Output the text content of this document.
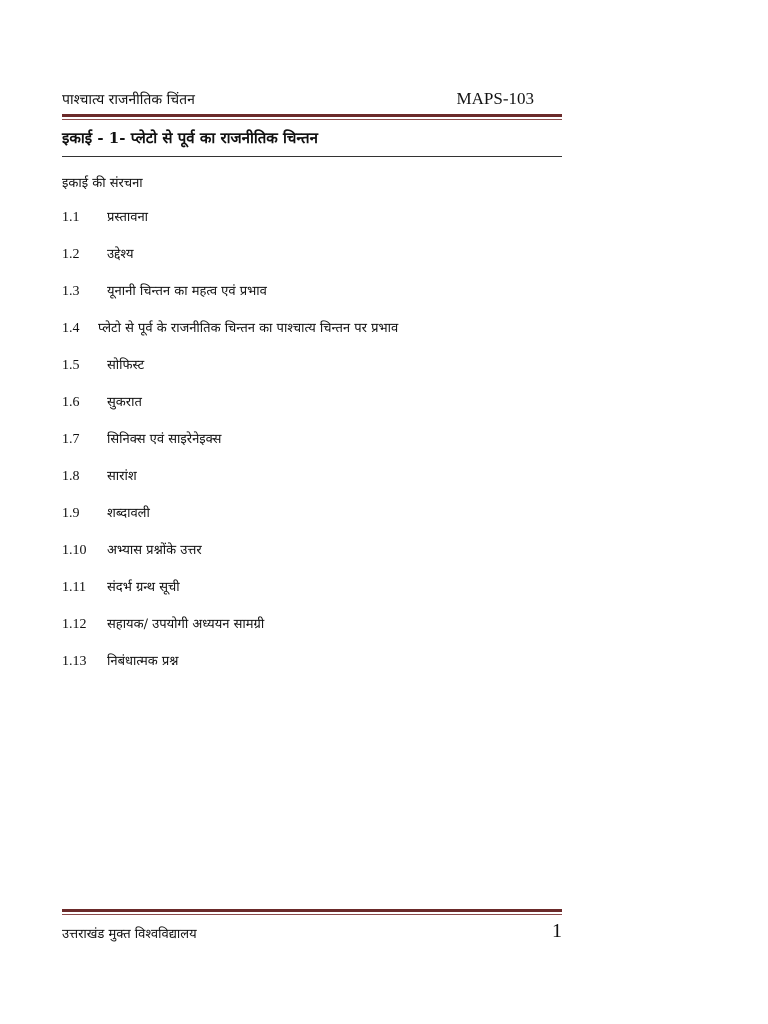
पाश्चात्य राजनीतिक चिंतन	MAPS-103
इकाई - 1- प्लेटो से पूर्व का राजनीतिक चिन्तन
इकाई की संरचना
1.1	प्रस्तावना
1.2	उद्देश्य
1.3	यूनानी चिन्तन का महत्व एवं प्रभाव
1.4	प्लेटो से पूर्व के राजनीतिक चिन्तन का पाश्चात्य चिन्तन पर प्रभाव
1.5	सोफिस्ट
1.6	सुकरात
1.7	सिनिक्स एवं साइरेनेइक्स
1.8	सारांश
1.9	शब्दावली
1.10	अभ्यास प्रश्नोंके उत्तर
1.11	संदर्भ ग्रन्थ सूची
1.12	सहायक/ उपयोगी अध्ययन सामग्री
1.13	निबंधात्मक प्रश्न
उत्तराखंड मुक्त विश्वविद्यालय	1
